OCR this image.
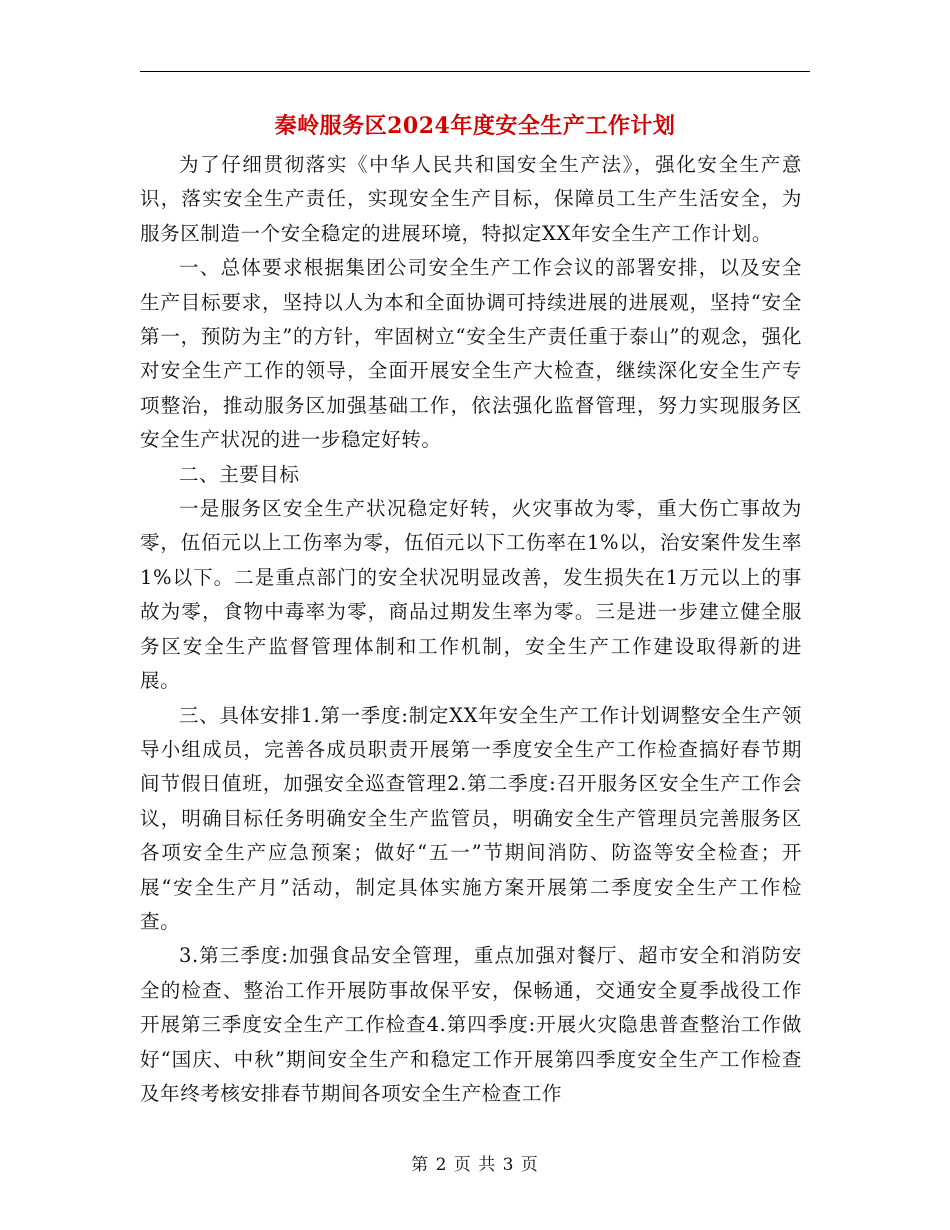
秦岭服务区2024年度安全生产工作计划

为了仔细贯彻落实《中华人民共和国安全生产法》，强化安全生产意识，落实安全生产责任，实现安全生产目标，保障员工生产生活安全，为服务区制造一个安全稳定的进展环境，特拟定XX年安全生产工作计划。

一、总体要求根据集团公司安全生产工作会议的部署安排，以及安全生产目标要求，坚持以人为本和全面协调可持续进展的进展观，坚持“安全第一，预防为主”的方针，牢固树立“安全生产责任重于泰山”的观念，强化对安全生产工作的领导，全面开展安全生产大检查，继续深化安全生产专项整治，推动服务区加强基础工作，依法强化监督管理，努力实现服务区安全生产状况的进一步稳定好转。

二、主要目标

一是服务区安全生产状况稳定好转，火灾事故为零，重大伤亡事故为零，伍佰元以上工伤率为零，伍佰元以下工伤率在1%以，治安案件发生率1%以下。二是重点部门的安全状况明显改善，发生损失在1万元以上的事故为零，食物中毒率为零，商品过期发生率为零。三是进一步建立健全服务区安全生产监督管理体制和工作机制，安全生产工作建设取得新的进展。

三、具体安排1.第一季度:制定XX年安全生产工作计划调整安全生产领导小组成员，完善各成员职责开展第一季度安全生产工作检查搞好春节期间节假日值班，加强安全巡查管理2.第二季度:召开服务区安全生产工作会议，明确目标任务明确安全生产监管员，明确安全生产管理员完善服务区各项安全生产应急预案；做好“五一”节期间消防、防盗等安全检查；开展“安全生产月”活动，制定具体实施方案开展第二季度安全生产工作检查。

3.第三季度:加强食品安全管理，重点加强对餐厅、超市安全和消防安全的检查、整治工作开展防事故保平安，保畅通，交通安全夏季战役工作开展第三季度安全生产工作检查4.第四季度:开展火灾隐患普查整治工作做好“国庆、中秋”期间安全生产和稳定工作开展第四季度安全生产工作检查及年终考核安排春节期间各项安全生产检查工作

第 2 页 共 3 页
